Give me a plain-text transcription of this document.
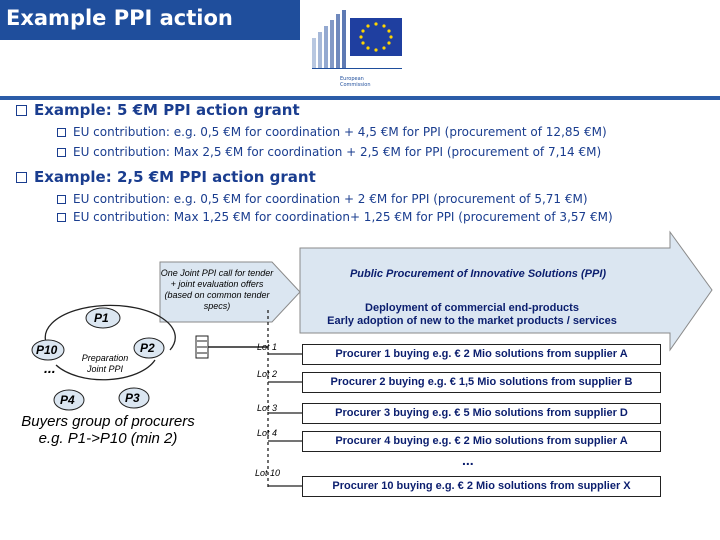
Example PPI action
European
Commission
Example: 5 €M PPI action grant
EU contribution: e.g. 0,5 €M for coordination + 4,5 €M for PPI (procurement of 12,85 €M)
EU contribution: Max 2,5 €M for coordination + 2,5 €M for PPI (procurement of 7,14 €M)
Example: 2,5 €M PPI action grant
EU contribution: e.g. 0,5 €M for coordination + 2 €M for PPI (procurement of 5,71 €M)
EU contribution: Max 1,25 €M for coordination+ 1,25 €M for PPI (procurement of 3,57 €M)
Public Procurement of Innovative Solutions (PPI)
Deployment of commercial end-products
Early adoption of new to the market products / services
One Joint PPI call for tender + joint evaluation offers (based on common tender specs)
P1
P2
P3
P4
P10
...
Preparation Joint PPI
Buyers group of procurers e.g. P1->P10 (min 2)
Lot 1
Lot 2
Lot 3
Lot 4
Lot 10
Procurer 1 buying e.g. € 2 Mio solutions from supplier A
Procurer 2 buying e.g. € 1,5 Mio solutions from supplier B
Procurer 3 buying e.g. € 5 Mio solutions from supplier D
Procurer 4 buying e.g. € 2 Mio solutions from supplier A
...
Procurer 10 buying e.g. € 2 Mio solutions from supplier X
